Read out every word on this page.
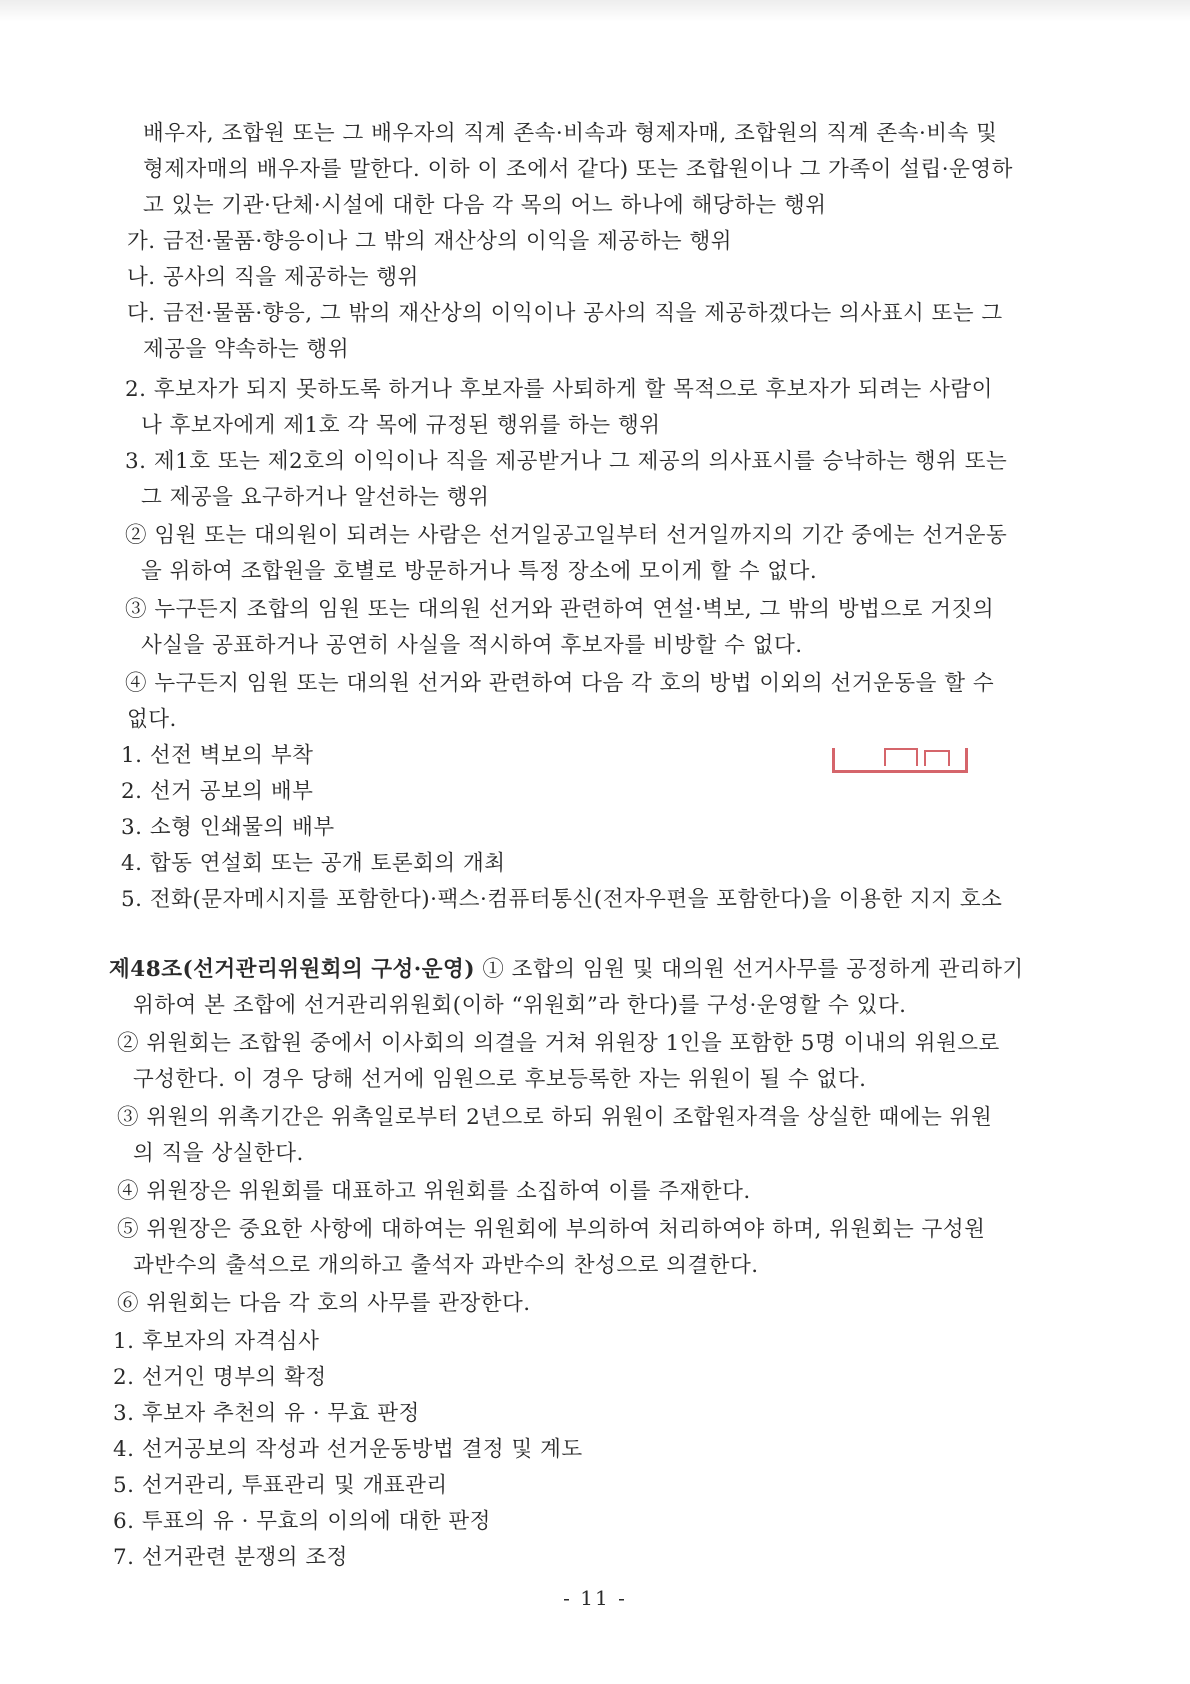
배우자, 조합원 또는 그 배우자의 직계 존속·비속과 형제자매, 조합원의 직계 존속·비속 및
형제자매의 배우자를 말한다. 이하 이 조에서 같다) 또는 조합원이나 그 가족이 설립·운영하
고 있는 기관·단체·시설에 대한 다음 각 목의 어느 하나에 해당하는 행위
가. 금전·물품·향응이나 그 밖의 재산상의 이익을 제공하는 행위
나. 공사의 직을 제공하는 행위
다. 금전·물품·향응, 그 밖의 재산상의 이익이나 공사의 직을 제공하겠다는 의사표시 또는 그
제공을 약속하는 행위
2. 후보자가 되지 못하도록 하거나 후보자를 사퇴하게 할 목적으로 후보자가 되려는 사람이
나 후보자에게 제1호 각 목에 규정된 행위를 하는 행위
3. 제1호 또는 제2호의 이익이나 직을 제공받거나 그 제공의 의사표시를 승낙하는 행위 또는
그 제공을 요구하거나 알선하는 행위
② 임원 또는 대의원이 되려는 사람은 선거일공고일부터 선거일까지의 기간 중에는 선거운동
을 위하여 조합원을 호별로 방문하거나 특정 장소에 모이게 할 수 없다.
③ 누구든지 조합의 임원 또는 대의원 선거와 관련하여 연설·벽보, 그 밖의 방법으로 거짓의
사실을 공표하거나 공연히 사실을 적시하여 후보자를 비방할 수 없다.
④ 누구든지 임원 또는 대의원 선거와 관련하여 다음 각 호의 방법 이외의 선거운동을 할 수
없다.
1. 선전 벽보의 부착
2. 선거 공보의 배부
3. 소형 인쇄물의 배부
4. 합동 연설회 또는 공개 토론회의 개최
5. 전화(문자메시지를 포함한다)·팩스·컴퓨터통신(전자우편을 포함한다)을 이용한 지지 호소
제48조(선거관리위원회의 구성·운영) ① 조합의 임원 및 대의원 선거사무를 공정하게 관리하기
위하여 본 조합에 선거관리위원회(이하 “위원회”라 한다)를 구성·운영할 수 있다.
② 위원회는 조합원 중에서 이사회의 의결을 거쳐 위원장 1인을 포함한 5명 이내의 위원으로
구성한다. 이 경우 당해 선거에 임원으로 후보등록한 자는 위원이 될 수 없다.
③ 위원의 위촉기간은 위촉일로부터 2년으로 하되 위원이 조합원자격을 상실한 때에는 위원
의 직을 상실한다.
④ 위원장은 위원회를 대표하고 위원회를 소집하여 이를 주재한다.
⑤ 위원장은 중요한 사항에 대하여는 위원회에 부의하여 처리하여야 하며, 위원회는 구성원
과반수의 출석으로 개의하고 출석자 과반수의 찬성으로 의결한다.
⑥ 위원회는 다음 각 호의 사무를 관장한다.
1. 후보자의 자격심사
2. 선거인 명부의 확정
3. 후보자 추천의 유 · 무효 판정
4. 선거공보의 작성과 선거운동방법 결정 및 계도
5. 선거관리, 투표관리 및 개표관리
6. 투표의 유 · 무효의 이의에 대한 판정
7. 선거관련 분쟁의 조정
- 11 -
